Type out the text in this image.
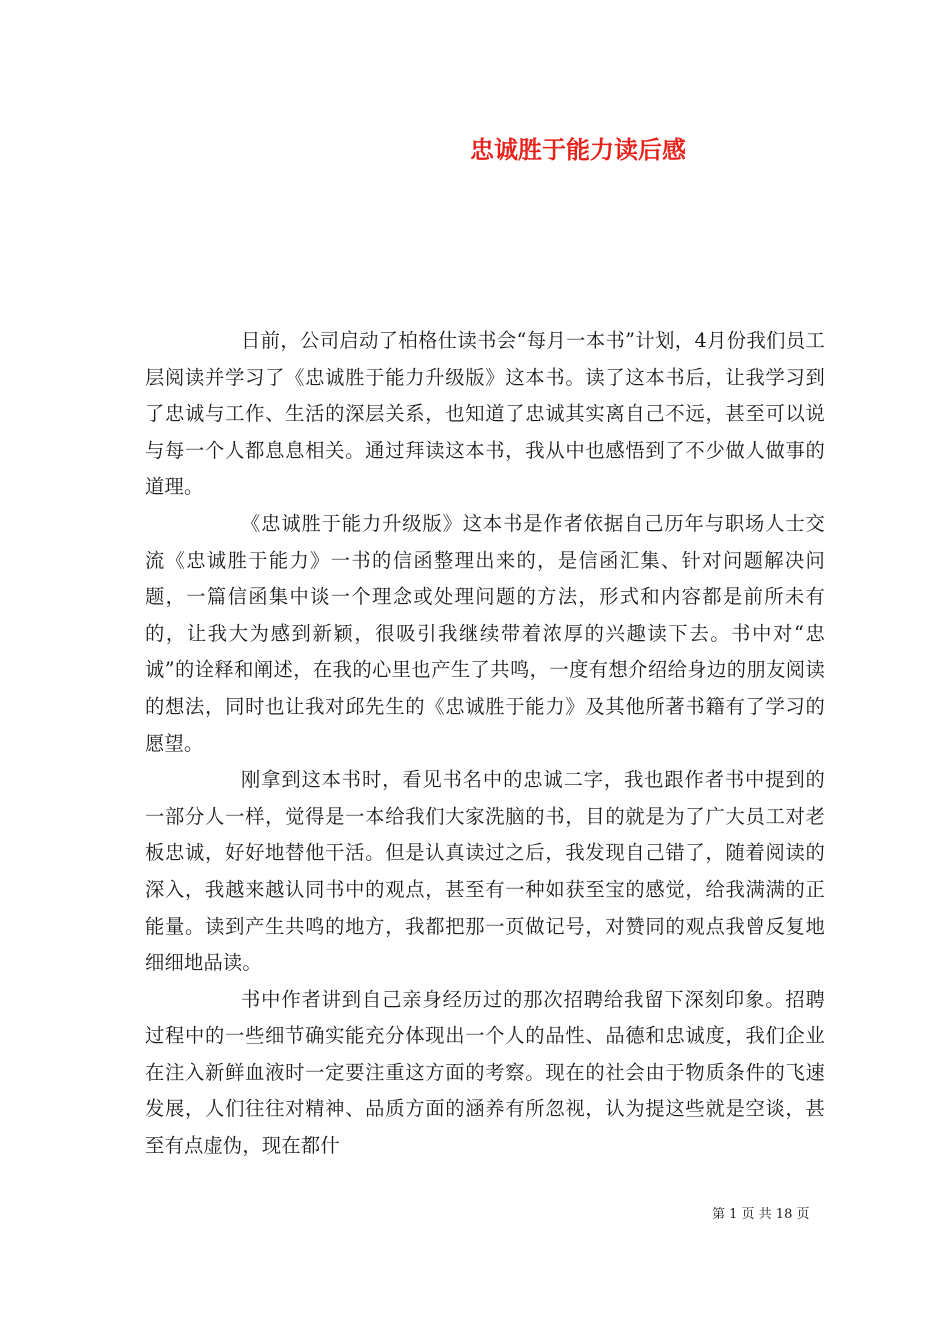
忠诚胜于能力读后感

日前，公司启动了柏格仕读书会“每月一本书”计划，4月份我们员工层阅读并学习了《忠诚胜于能力升级版》这本书。读了这本书后，让我学习到了忠诚与工作、生活的深层关系，也知道了忠诚其实离自己不远，甚至可以说与每一个人都息息相关。通过拜读这本书，我从中也感悟到了不少做人做事的道理。

《忠诚胜于能力升级版》这本书是作者依据自己历年与职场人士交流《忠诚胜于能力》一书的信函整理出来的，是信函汇集、针对问题解决问题，一篇信函集中谈一个理念或处理问题的方法，形式和内容都是前所未有的，让我大为感到新颖，很吸引我继续带着浓厚的兴趣读下去。书中对“忠诚”的诠释和阐述，在我的心里也产生了共鸣，一度有想介绍给身边的朋友阅读的想法，同时也让我对邱先生的《忠诚胜于能力》及其他所著书籍有了学习的愿望。

刚拿到这本书时，看见书名中的忠诚二字，我也跟作者书中提到的一部分人一样，觉得是一本给我们大家洗脑的书，目的就是为了广大员工对老板忠诚，好好地替他干活。但是认真读过之后，我发现自己错了，随着阅读的深入，我越来越认同书中的观点，甚至有一种如获至宝的感觉，给我满满的正能量。读到产生共鸣的地方，我都把那一页做记号，对赞同的观点我曾反复地细细地品读。

书中作者讲到自己亲身经历过的那次招聘给我留下深刻印象。招聘过程中的一些细节确实能充分体现出一个人的品性、品德和忠诚度，我们企业在注入新鲜血液时一定要注重这方面的考察。现在的社会由于物质条件的飞速发展，人们往往对精神、品质方面的涵养有所忽视，认为提这些就是空谈，甚至有点虚伪，现在都什

第 1 页 共 18 页
